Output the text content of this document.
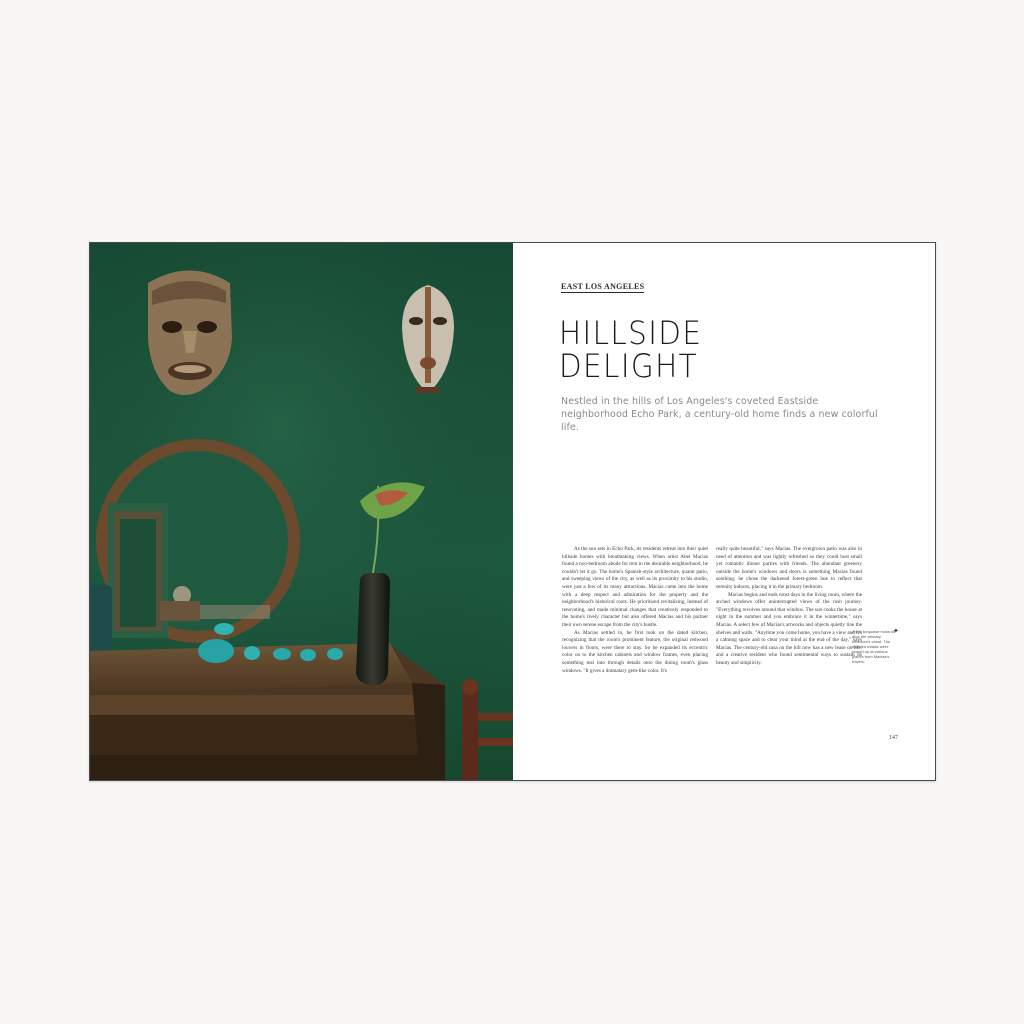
EAST LOS ANGELES
HILLSIDE
DELIGHT

Nestled in the hills of Los Angeles's coveted Eastside neighborhood Echo Park, a century-old home finds a new colorful life.

As the sun sets in Echo Park, its residents retreat into their quiet hillside homes with breathtaking views. When artist Abel Macias found a two-bedroom abode for rent in the desirable neighborhood, he couldn't let it go. The home's Spanish-style architecture, quaint patio, and sweeping views of the city, as well as its proximity to his studio, were just a few of its many attractions. Macias came into the home with a deep respect and admiration for the property and the neighborhood's historical roots. He prioritized revitalizing, instead of renovating, and made minimal changes that creatively responded to the home's lively character but also offered Macias and his partner their own serene escape from the city's bustle.

As Macias settled in, he first took on the dated kitchen, recognizing that the room's prominent feature, the original redwood louvers in floors, were there to stay. So he expanded its eccentric color on to the kitchen cabinets and window frames, even placing something teal into through details onto the dining room's glass windows. "It gives a dramatary gem-like color. It's

really quite beautiful," says Macias. The overgrown patio was also in need of attention and was lightly refreshed so they could host small yet romantic dinner parties with friends. The abundant greenery outside the home's windows and doors is something Macias found soothing; he chose the darkened forest-green hue to reflect that serenity indoors, placing it in the primary bedroom.

Macias begins and ends most days in the living room, where the arched windows offer uninterrupted views of the rush journey. "Everything revolves around that window. The sun cooks the house at night in the summer and you embrace it in the wintertime," says Macias. A select few of Macias's artworks and objects quietly line the shelves and walls. "Anytime you come home, you have a view and it's a calming space and to clear your mind at the end of the day," says Macias. The century-old casa on the hill now has a new lease on life, and a creative resident who found sentimental ways to sustain its beauty and simplicity.

✦
A few turquoise rocks sit atop the primary bedroom's chest. The wooden masks were picked up at various places from Macias's travels.
147
